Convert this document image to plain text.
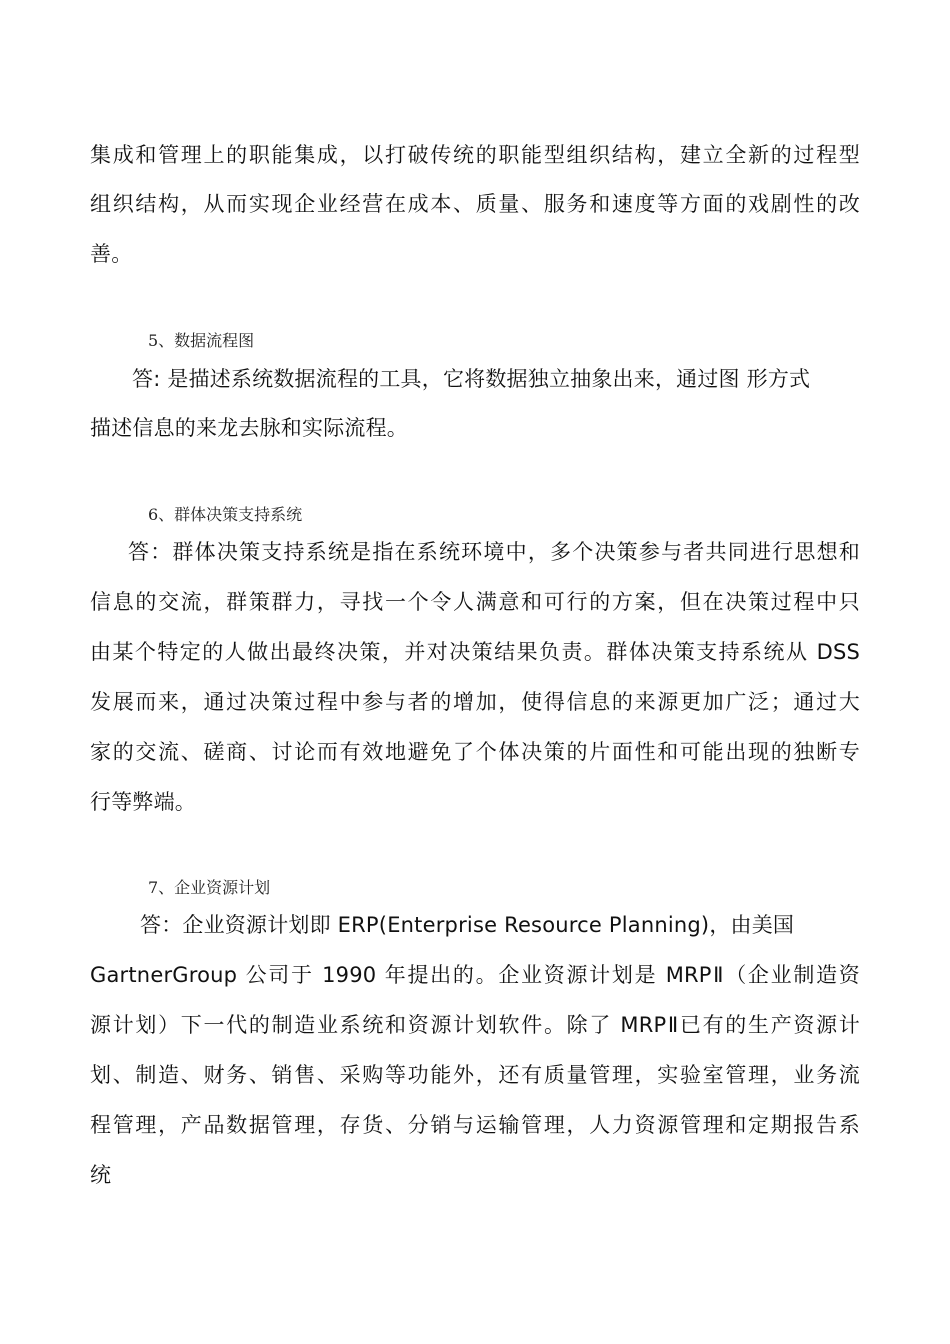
集成和管理上的职能集成，以打破传统的职能型组织结构，建立全新的过程型
组织结构，从而实现企业经营在成本、质量、服务和速度等方面的戏剧性的改
善。
5、数据流程图
答: 是描述系统数据流程的工具，它将数据独立抽象出来，通过图 形方式
描述信息的来龙去脉和实际流程。
6、群体决策支持系统
答：群体决策支持系统是指在系统环境中，多个决策参与者共同进行思想和
信息的交流，群策群力，寻找一个令人满意和可行的方案，但在决策过程中只
由某个特定的人做出最终决策，并对决策结果负责。群体决策支持系统从 DSS
发展而来，通过决策过程中参与者的增加，使得信息的来源更加广泛；通过大
家的交流、磋商、讨论而有效地避免了个体决策的片面性和可能出现的独断专
行等弊端。
7、企业资源计划
答：企业资源计划即 ERP(Enterprise Resource Planning)，由美国
GartnerGroup 公司于 1990 年提出的。企业资源计划是 MRPⅡ（企业制造资
源计划）下一代的制造业系统和资源计划软件。除了 MRPⅡ已有的生产资源计
划、制造、财务、销售、采购等功能外，还有质量管理，实验室管理，业务流
程管理，产品数据管理，存货、分销与运输管理，人力资源管理和定期报告系
统
